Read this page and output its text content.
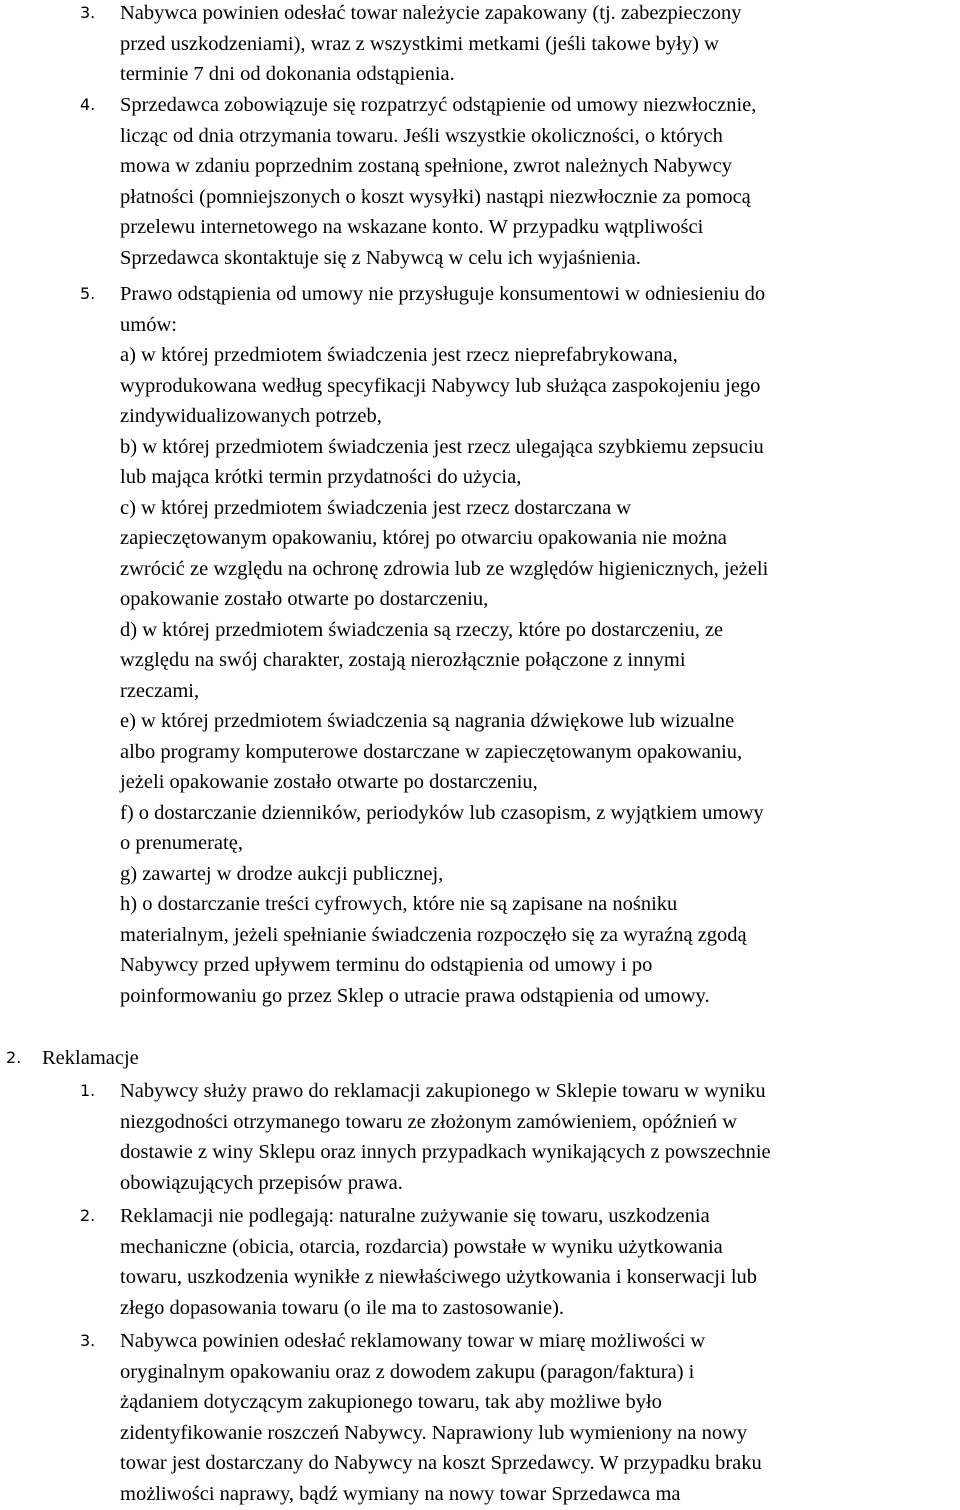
3. Nabywca powinien odesłać towar należycie zapakowany (tj. zabezpieczony
przed uszkodzeniami), wraz z wszystkimi metkami (jeśli takowe były) w
terminie 7 dni od dokonania odstąpienia.
4. Sprzedawca zobowiązuje się rozpatrzyć odstąpienie od umowy niezwłocznie,
licząc od dnia otrzymania towaru. Jeśli wszystkie okoliczności, o których
mowa w zdaniu poprzednim zostaną spełnione, zwrot należnych Nabywcy
płatności (pomniejszonych o koszt wysyłki) nastąpi niezwłocznie za pomocą
przelewu internetowego na wskazane konto. W przypadku wątpliwości
Sprzedawca skontaktuje się z Nabywcą w celu ich wyjaśnienia.
5. Prawo odstąpienia od umowy nie przysługuje konsumentowi w odniesieniu do
umów:
a) w której przedmiotem świadczenia jest rzecz nieprefabrykowana,
wyprodukowana według specyfikacji Nabywcy lub służąca zaspokojeniu jego
zindywidualizowanych potrzeb,
b) w której przedmiotem świadczenia jest rzecz ulegająca szybkiemu zepsuciu
lub mająca krótki termin przydatności do użycia,
c) w której przedmiotem świadczenia jest rzecz dostarczana w
zapieczętowanym opakowaniu, której po otwarciu opakowania nie można
zwrócić ze względu na ochronę zdrowia lub ze względów higienicznych, jeżeli
opakowanie zostało otwarte po dostarczeniu,
d) w której przedmiotem świadczenia są rzeczy, które po dostarczeniu, ze
względu na swój charakter, zostają nierozłącznie połączone z innymi
rzeczami,
e) w której przedmiotem świadczenia są nagrania dźwiękowe lub wizualne
albo programy komputerowe dostarczane w zapieczętowanym opakowaniu,
jeżeli opakowanie zostało otwarte po dostarczeniu,
f) o dostarczanie dzienników, periodyków lub czasopism, z wyjątkiem umowy
o prenumeratę,
g) zawartej w drodze aukcji publicznej,
h) o dostarczanie treści cyfrowych, które nie są zapisane na nośniku
materialnym, jeżeli spełnianie świadczenia rozpoczęło się za wyraźną zgodą
Nabywcy przed upływem terminu do odstąpienia od umowy i po
poinformowaniu go przez Sklep o utracie prawa odstąpienia od umowy.
2. Reklamacje
1. Nabywcy służy prawo do reklamacji zakupionego w Sklepie towaru w wyniku
niezgodności otrzymanego towaru ze złożonym zamówieniem, opóźnień w
dostawie z winy Sklepu oraz innych przypadkach wynikających z powszechnie
obowiązujących przepisów prawa.
2. Reklamacji nie podlegają: naturalne zużywanie się towaru, uszkodzenia
mechaniczne (obicia, otarcia, rozdarcia) powstałe w wyniku użytkowania
towaru, uszkodzenia wynikłe z niewłaściwego użytkowania i konserwacji lub
złego dopasowania towaru (o ile ma to zastosowanie).
3. Nabywca powinien odesłać reklamowany towar w miarę możliwości w
oryginalnym opakowaniu oraz z dowodem zakupu (paragon/faktura) i
żądaniem dotyczącym zakupionego towaru, tak aby możliwe było
zidentyfikowanie roszczeń Nabywcy. Naprawiony lub wymieniony na nowy
towar jest dostarczany do Nabywcy na koszt Sprzedawcy. W przypadku braku
możliwości naprawy, bądź wymiany na nowy towar Sprzedawca ma
